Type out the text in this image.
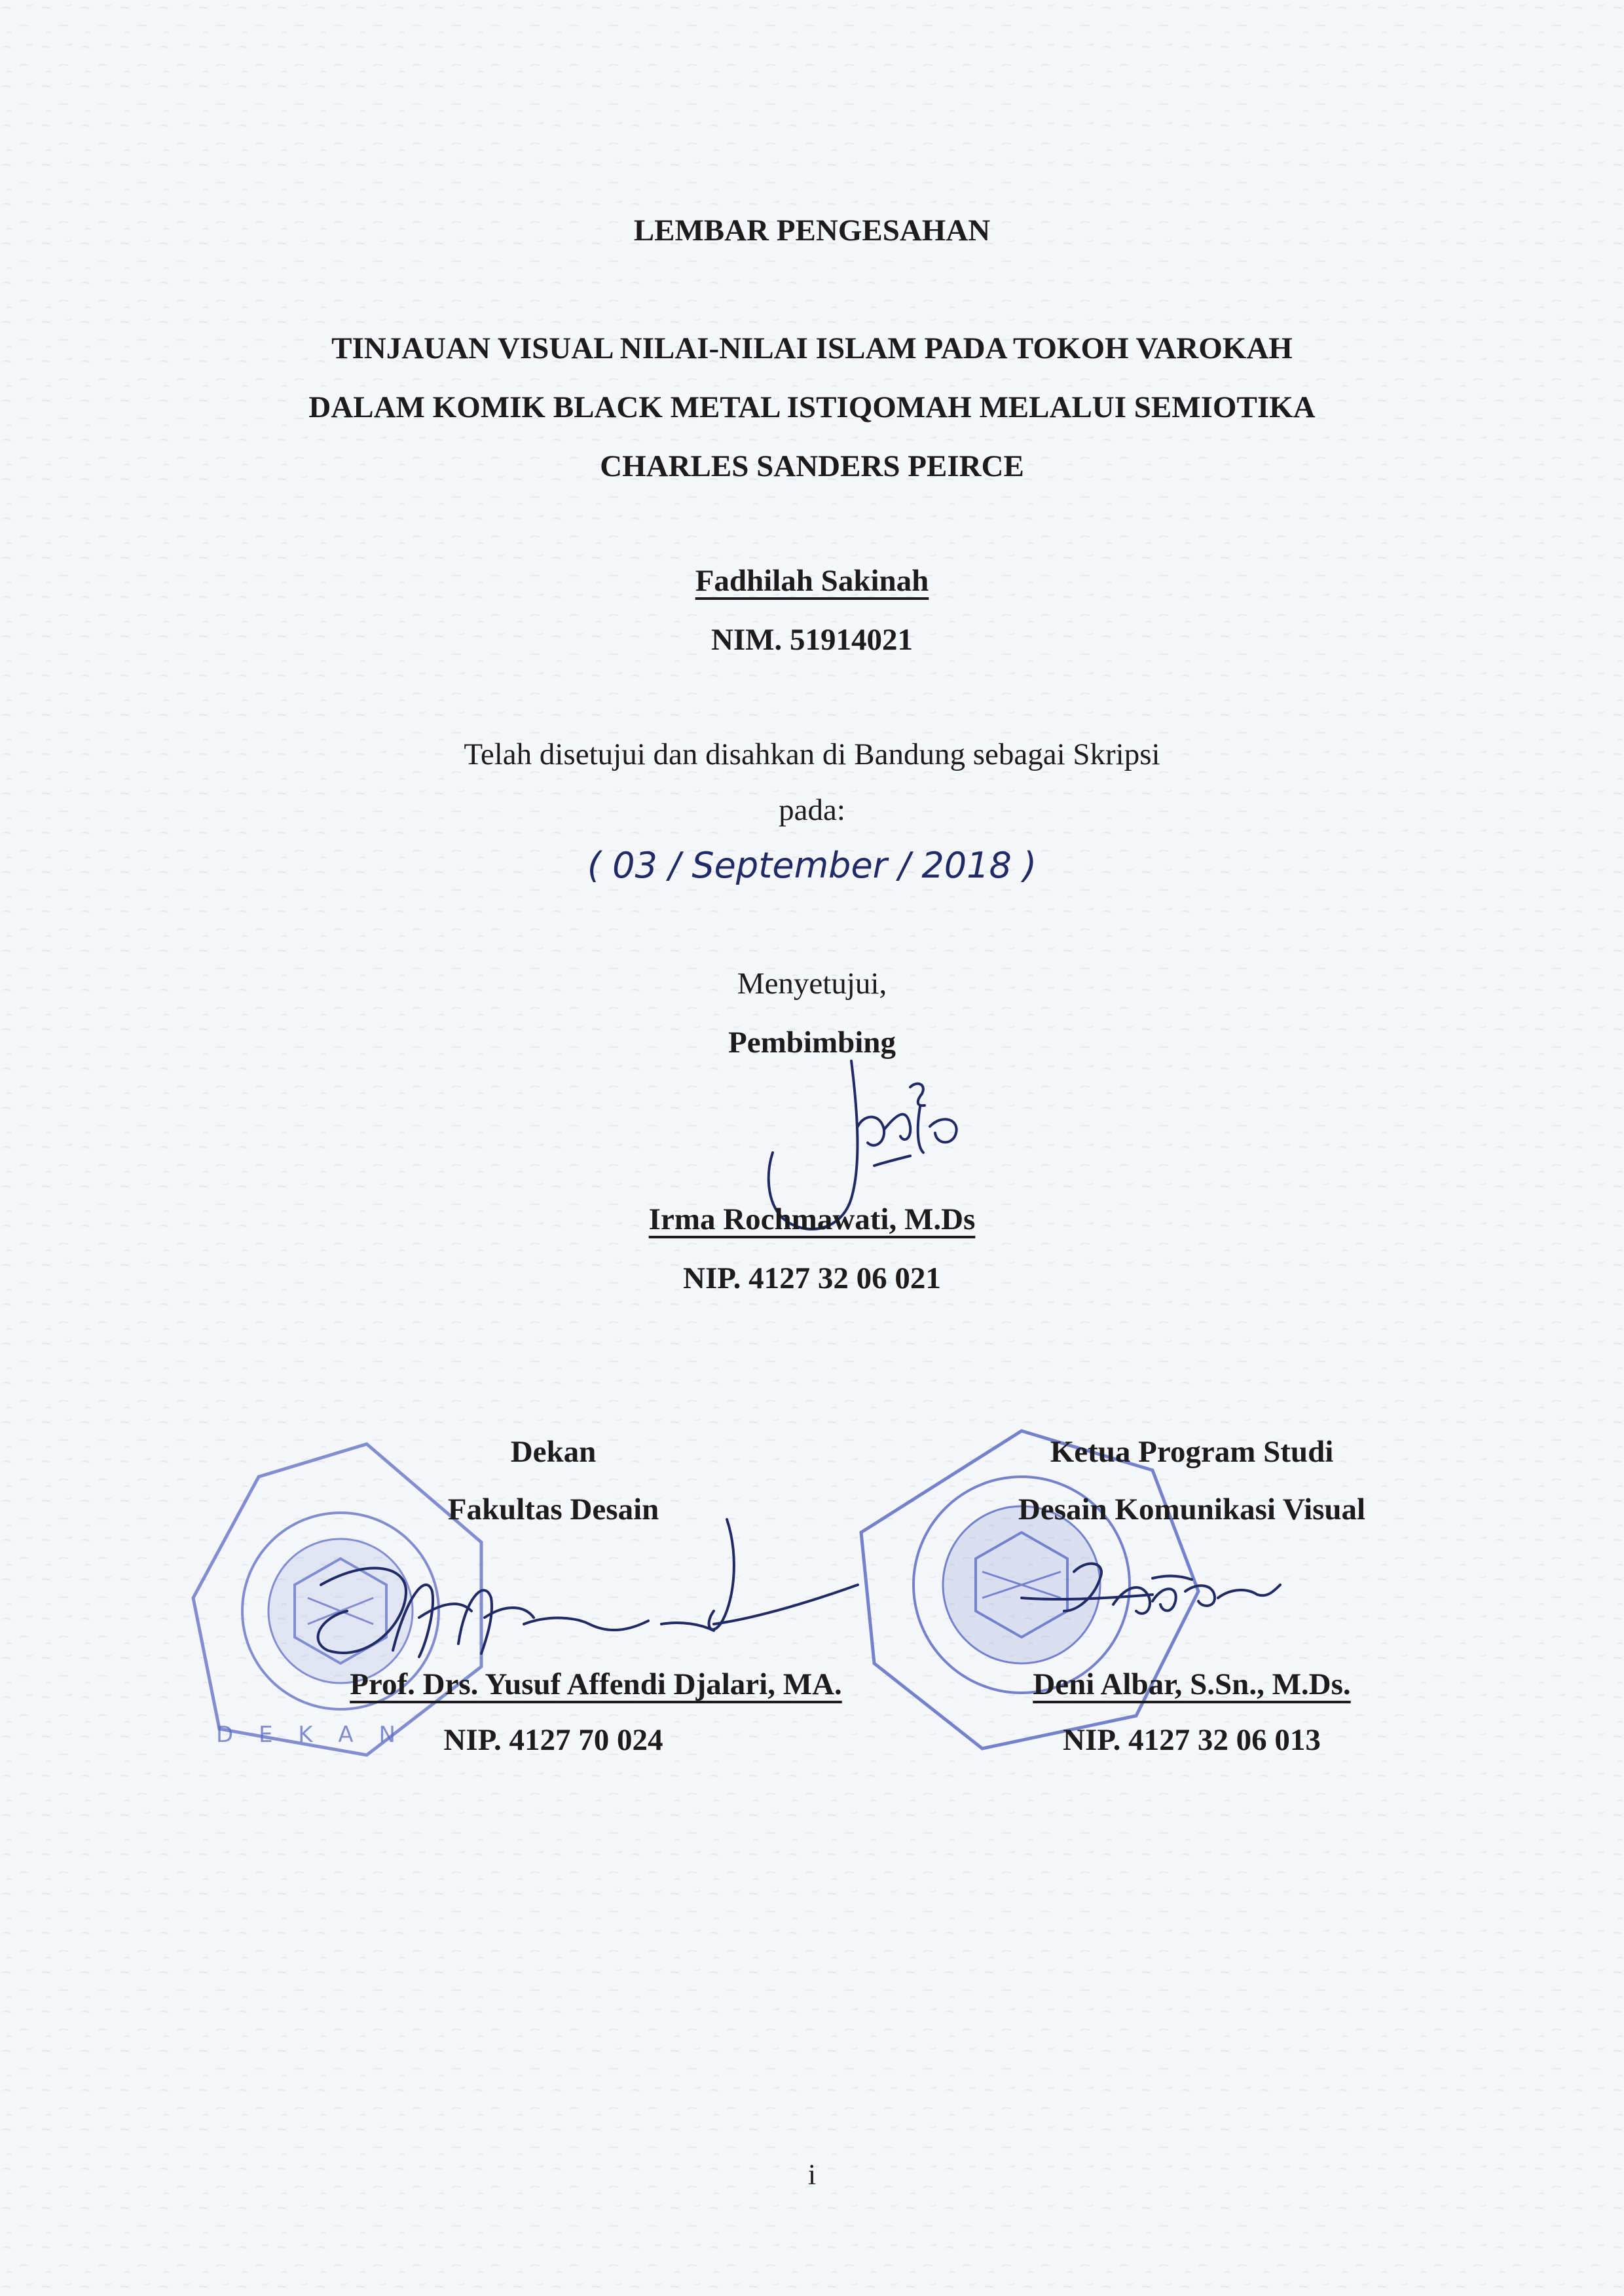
LEMBAR PENGESAHAN
TINJAUAN VISUAL NILAI-NILAI ISLAM PADA TOKOH VAROKAH
DALAM KOMIK BLACK METAL ISTIQOMAH MELALUI SEMIOTIKA
CHARLES SANDERS PEIRCE
Fadhilah Sakinah
NIM. 51914021
Telah disetujui dan disahkan di Bandung sebagai Skripsi
pada:
( 03 / September / 2018 )
Menyetujui,
Pembimbing
Irma Rochmawati, M.Ds
NIP. 4127 32 06 021
D E K A N
Dekan
Fakultas Desain
Ketua Program Studi
Desain Komunikasi Visual
Prof. Drs. Yusuf Affendi Djalari, MA.
NIP. 4127 70 024
Deni Albar, S.Sn., M.Ds.
NIP. 4127 32 06 013
i
